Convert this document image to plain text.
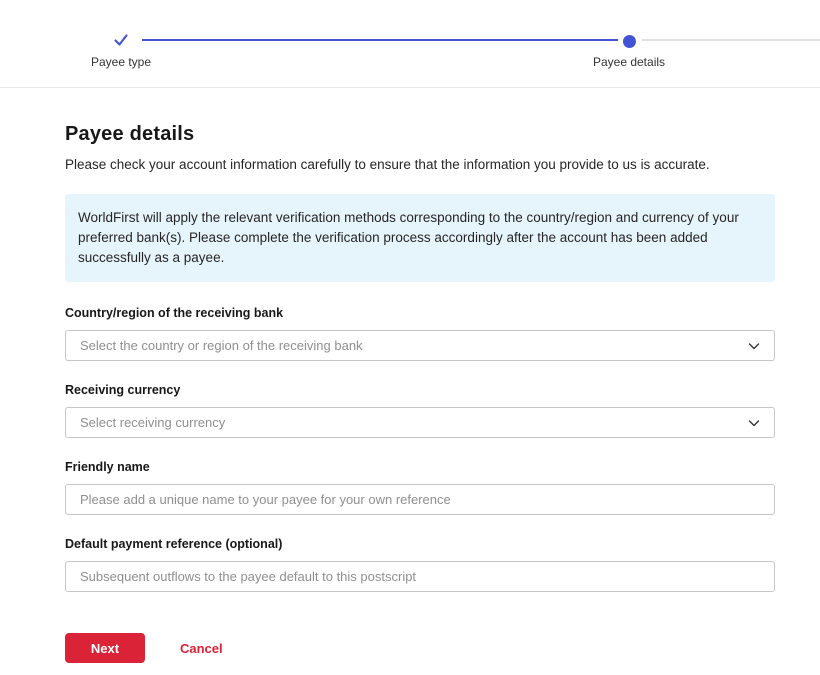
Payee type	Payee details
Payee details

Please check your account information carefully to ensure that the information you provide to us is accurate.

WorldFirst will apply the relevant verification methods corresponding to the country/region and currency of your preferred bank(s). Please complete the verification process accordingly after the account has been added successfully as a payee.
Country/region of the receiving bank
Select the country or region of the receiving bank
Receiving currency
Select receiving currency
Friendly name
Please add a unique name to your payee for your own reference
Default payment reference (optional)
Subsequent outflows to the payee default to this postscript
Next	Cancel
